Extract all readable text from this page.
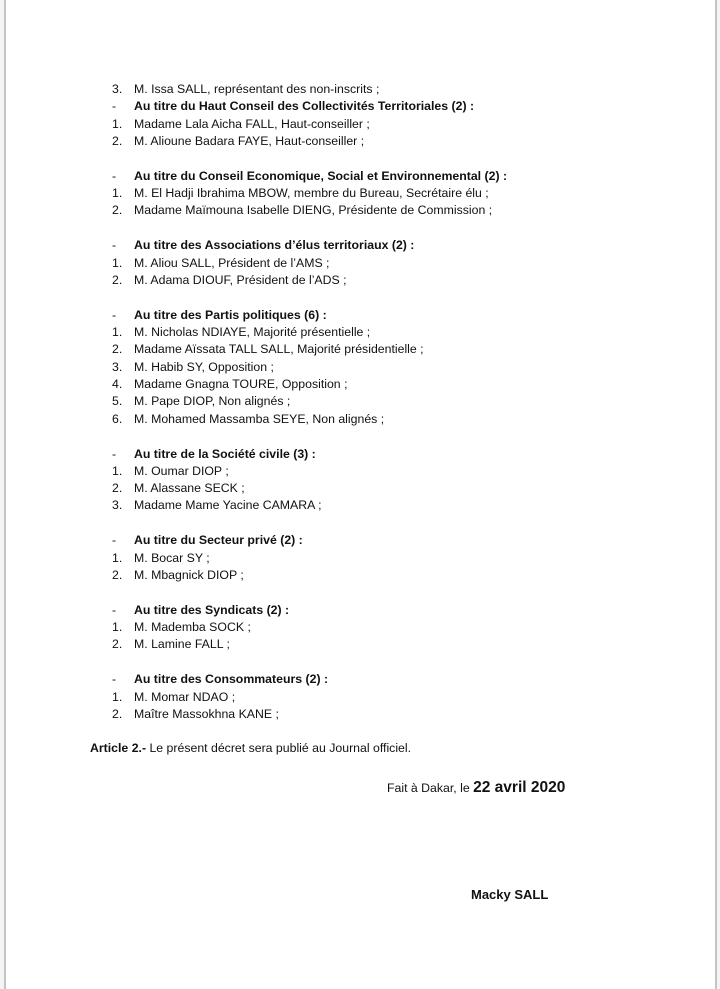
3. M. Issa SALL, représentant des non-inscrits ;
-	Au titre du Haut Conseil des Collectivités Territoriales (2) :
1. Madame Lala Aicha FALL, Haut-conseiller ;
2. M. Alioune Badara FAYE, Haut-conseiller ;
-	Au titre du Conseil Economique, Social et Environnemental (2) :
1. M. El Hadji Ibrahima MBOW, membre du Bureau, Secrétaire élu ;
2. Madame Maïmouna Isabelle DIENG, Présidente de Commission ;
-	Au titre des Associations d’élus territoriaux (2) :
1. M. Aliou SALL, Président de l’AMS ;
2. M. Adama DIOUF, Président de l’ADS ;
-	Au titre des Partis politiques (6) :
1. M. Nicholas NDIAYE, Majorité présentielle ;
2. Madame Aïssata TALL SALL, Majorité présidentielle ;
3. M. Habib SY, Opposition ;
4. Madame Gnagna TOURE, Opposition ;
5. M. Pape DIOP, Non alignés ;
6. M. Mohamed Massamba SEYE, Non alignés ;
-	Au titre de la Société civile (3) :
1. M. Oumar DIOP ;
2. M. Alassane SECK ;
3. Madame Mame Yacine CAMARA ;
-	Au titre du Secteur privé (2) :
1. M. Bocar SY ;
2. M. Mbagnick DIOP ;
-	Au titre des Syndicats (2) :
1. M. Mademba SOCK ;
2. M. Lamine FALL ;
-	Au titre des Consommateurs (2) :
1. M. Momar NDAO ;
2. Maître Massokhna KANE ;
Article 2.- Le présent décret sera publié au Journal officiel.
Fait à Dakar, le 22 avril 2020
Macky SALL
